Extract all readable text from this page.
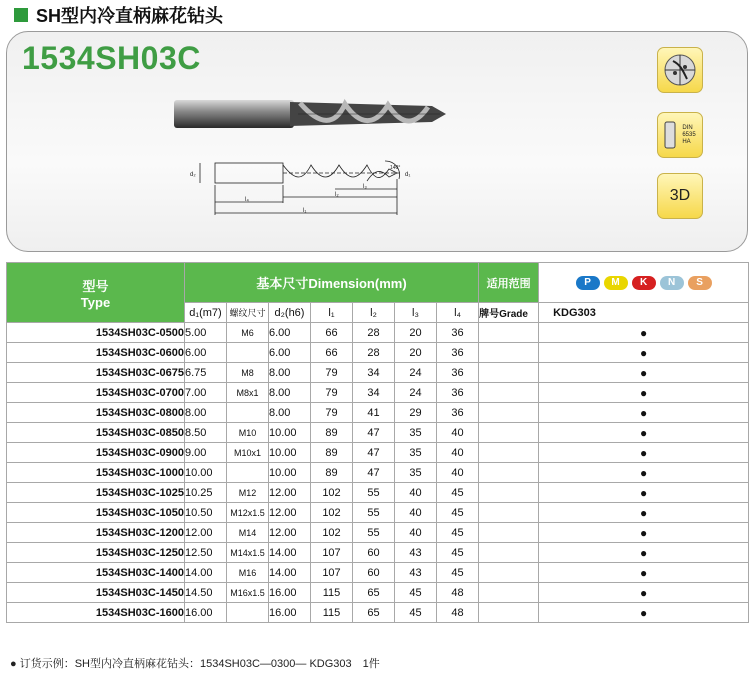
SH型内冷直柄麻花钻头
1534SH03C
d₂
l₄
l₂
l₃
l₁
d₁
140°
DIN
6535
HA
3D
型号
Type	基本尺寸Dimension(mm)							适用范围	P M K N S
	d₁(m7)	螺纹尺寸	d₂(h6)	l₁	l₂	l₃	l₄	牌号Grade	KDG303
1534SH03C-0500	5.00	M6	6.00	66	28	20	36		●
1534SH03C-0600	6.00		6.00	66	28	20	36		●
1534SH03C-0675	6.75	M8	8.00	79	34	24	36		●
1534SH03C-0700	7.00	M8x1	8.00	79	34	24	36		●
1534SH03C-0800	8.00		8.00	79	41	29	36		●
1534SH03C-0850	8.50	M10	10.00	89	47	35	40		●
1534SH03C-0900	9.00	M10x1	10.00	89	47	35	40		●
1534SH03C-1000	10.00		10.00	89	47	35	40		●
1534SH03C-1025	10.25	M12	12.00	102	55	40	45		●
1534SH03C-1050	10.50	M12x1.5	12.00	102	55	40	45		●
1534SH03C-1200	12.00	M14	12.00	102	55	40	45		●
1534SH03C-1250	12.50	M14x1.5	14.00	107	60	43	45		●
1534SH03C-1400	14.00	M16	14.00	107	60	43	45		●
1534SH03C-1450	14.50	M16x1.5	16.00	115	65	45	48		●
1534SH03C-1600	16.00		16.00	115	65	45	48		●
● 订货示例：SH型内冷直柄麻花钻头：1534SH03C—0300— KDG303　1件
